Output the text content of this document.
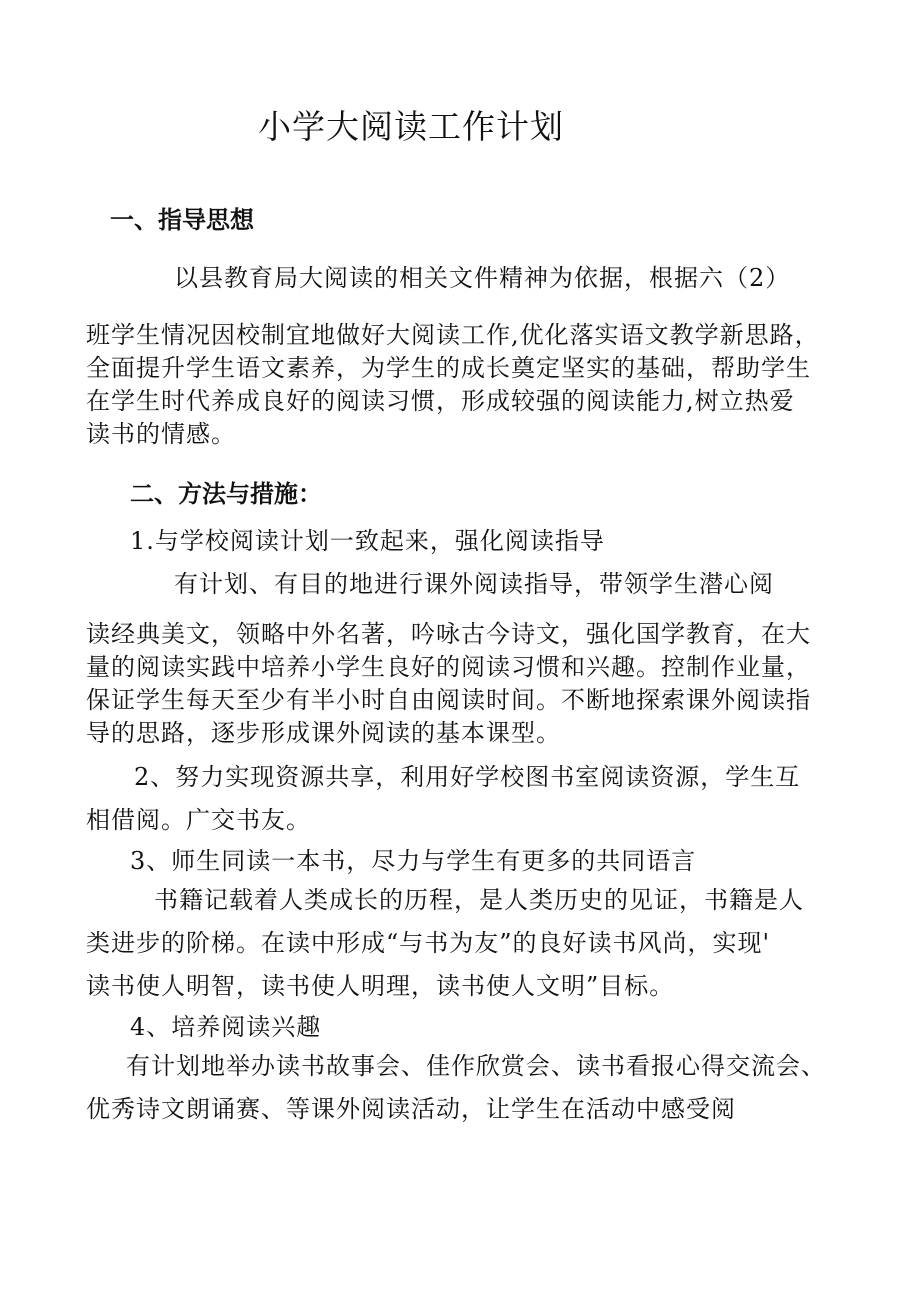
小学大阅读工作计划
一、指导思想
以县教育局大阅读的相关文件精神为依据，根据六（2）
班学生情况因校制宜地做好大阅读工作,优化落实语文教学新思路，
全面提升学生语文素养，为学生的成长奠定坚实的基础，帮助学生
在学生时代养成良好的阅读习惯，形成较强的阅读能力,树立热爱
读书的情感。
二、方法与措施：
1.与学校阅读计划一致起来，强化阅读指导
有计划、有目的地进行课外阅读指导，带领学生潜心阅
读经典美文，领略中外名著，吟咏古今诗文，强化国学教育，在大
量的阅读实践中培养小学生良好的阅读习惯和兴趣。控制作业量，
保证学生每天至少有半小时自由阅读时间。不断地探索课外阅读指
导的思路，逐步形成课外阅读的基本课型。
2、努力实现资源共享，利用好学校图书室阅读资源，学生互
相借阅。广交书友。
3、师生同读一本书，尽力与学生有更多的共同语言
书籍记载着人类成长的历程，是人类历史的见证，书籍是人
类进步的阶梯。在读中形成“与书为友”的良好读书风尚，实现'
读书使人明智，读书使人明理，读书使人文明”目标。
4、培养阅读兴趣
有计划地举办读书故事会、佳作欣赏会、读书看报心得交流会、
优秀诗文朗诵赛、等课外阅读活动，让学生在活动中感受阅
